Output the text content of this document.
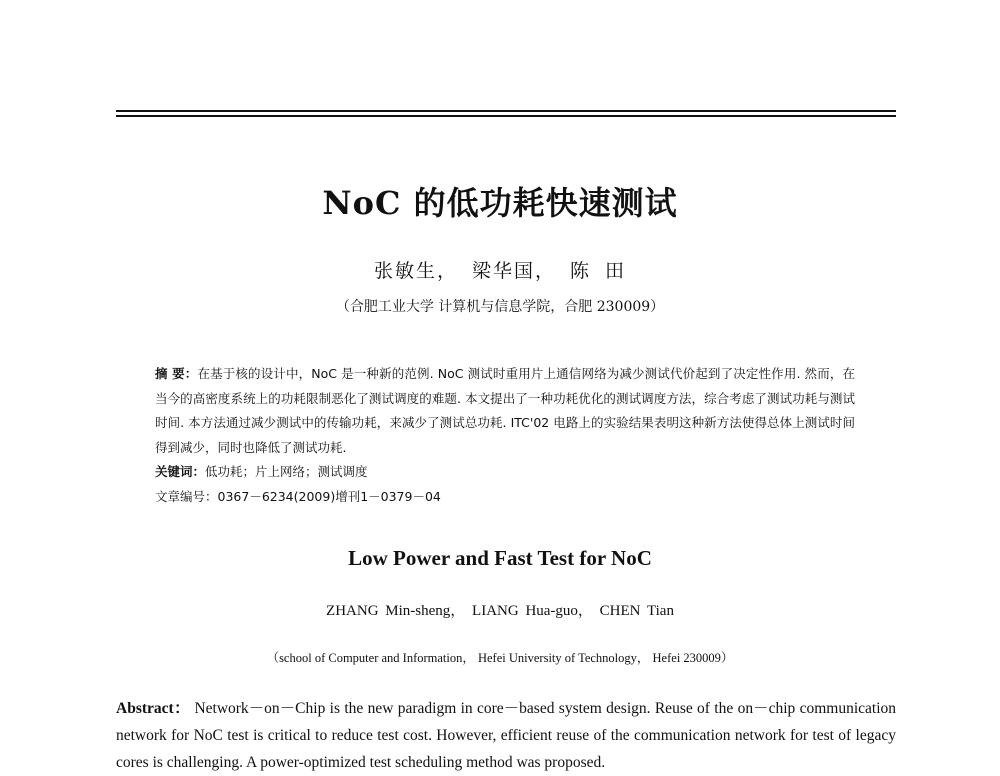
NoC 的低功耗快速测试
张敏生， 梁华国， 陈 田
（合肥工业大学 计算机与信息学院，合肥 230009）
摘 要：在基于核的设计中，NoC 是一种新的范例. NoC 测试时重用片上通信网络为减少测试代价起到了决定性作用. 然而，在当今的高密度系统上的功耗限制恶化了测试调度的难题. 本文提出了一种功耗优化的测试调度方法，综合考虑了测试功耗与测试时间. 本方法通过减少测试中的传输功耗，来减少了测试总功耗. ITC'02 电路上的实验结果表明这种新方法使得总体上测试时间得到减少，同时也降低了测试功耗.
关键词：低功耗；片上网络；测试调度
文章编号：0367－6234(2009)增刊1－0379－04
Low Power and Fast Test for NoC
ZHANG Min-sheng， LIANG Hua-guo， CHEN Tian
（school of Computer and Information， Hefei University of Technology， Hefei 230009）
Abstract： Network－on－Chip is the new paradigm in core－based system design. Reuse of the on－chip communication network for NoC test is critical to reduce test cost. However, efficient reuse of the communication network for test of legacy cores is challenging. A power-optimized test scheduling method was proposed.
